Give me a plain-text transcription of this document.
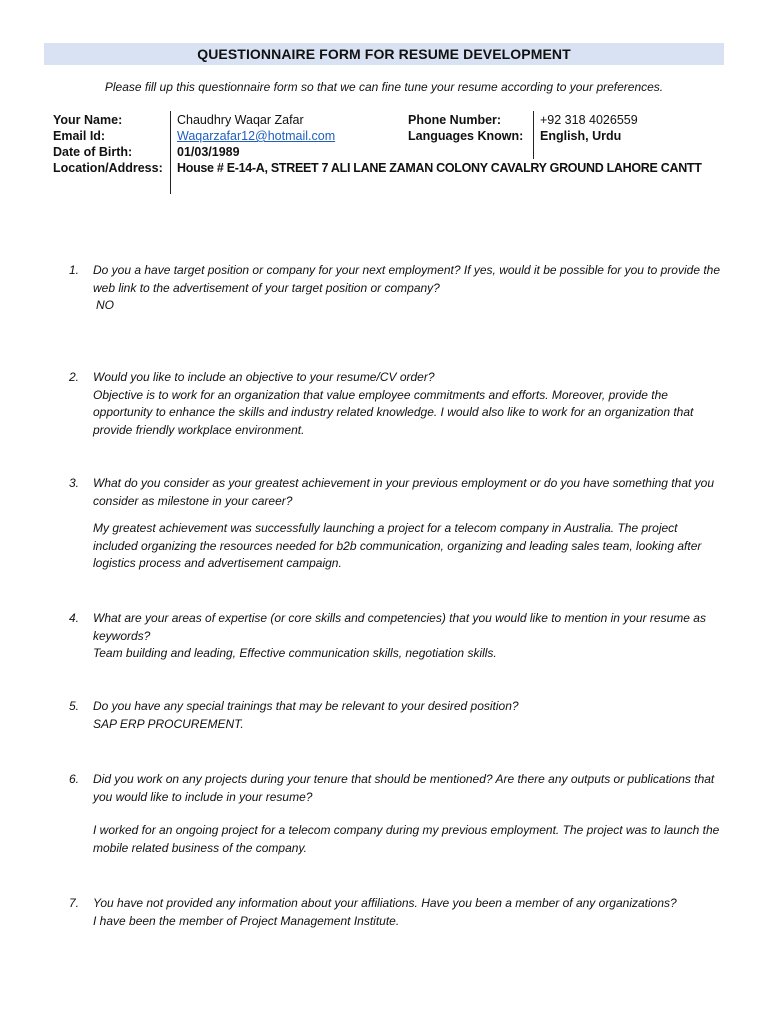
QUESTIONNAIRE FORM FOR RESUME DEVELOPMENT
Please fill up this questionnaire form so that we can fine tune your resume according to your preferences.
Your Name:	Chaudhry Waqar Zafar	Phone Number:	+92 318 4026559
Email Id:	Waqarzafar12@hotmail.com	Languages Known: English, Urdu
Date of Birth:	01/03/1989
Location/Address: House # E-14-A, STREET 7 ALI LANE ZAMAN COLONY CAVALRY GROUND LAHORE CANTT
1. Do you a have target position or company for your next employment? If yes, would it be possible for you to provide the web link to the advertisement of your target position or company?

NO

2. Would you like to include an objective to your resume/CV order?

Objective is to work for an organization that value employee commitments and efforts. Moreover, provide the opportunity to enhance the skills and industry related knowledge. I would also like to work for an organization that provide friendly workplace environment.

3. What do you consider as your greatest achievement in your previous employment or do you have something that you consider as milestone in your career?

My greatest achievement was successfully launching a project for a telecom company in Australia. The project included organizing the resources needed for b2b communication, organizing and leading sales team, looking after logistics process and advertisement campaign.

4. What are your areas of expertise (or core skills and competencies) that you would like to mention in your resume as keywords?

Team building and leading, Effective communication skills, negotiation skills.

5. Do you have any special trainings that may be relevant to your desired position?

SAP ERP PROCUREMENT.

6. Did you work on any projects during your tenure that should be mentioned? Are there any outputs or publications that you would like to include in your resume?

I worked for an ongoing project for a telecom company during my previous employment. The project was to launch the mobile related business of the company.

7. You have not provided any information about your affiliations. Have you been a member of any organizations?

I have been the member of Project Management Institute.
